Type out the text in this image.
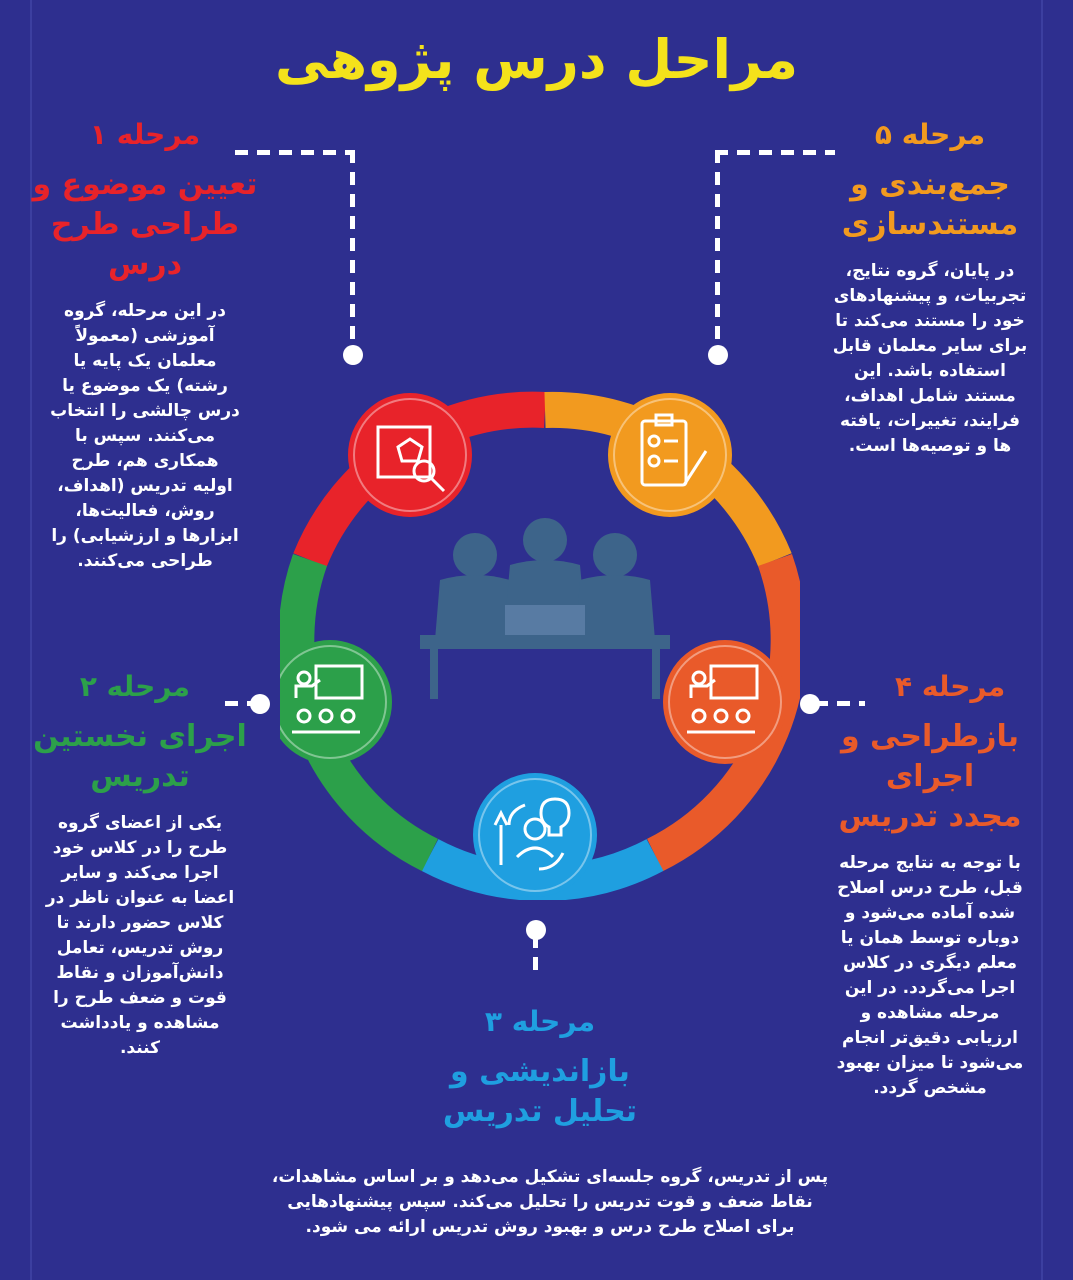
مراحل درس پژوهی
مرحله ۱
تعیین موضوع و
طراحی طرح درس
در این مرحله، گروه آموزشی (معمولاً معلمان یک پایه یا رشته) یک موضوع یا درس چالشی را انتخاب می‌کنند. سپس با همکاری هم، طرح اولیه تدریس (اهداف، روش، فعالیت‌ها، ابزارها و ارزشیابی) را طراحی می‌کنند.
مرحله ۵
جمع‌بندی و
مستندسازی
در پایان، گروه نتایج، تجربیات، و پیشنهادهای خود را مستند می‌کند تا برای سایر معلمان قابل استفاده باشد. این مستند شامل اهداف، فرایند، تغییرات، یافته ها و توصیه‌ها است.
مرحله ۲
اجرای نخستین
تدریس
یکی از اعضای گروه طرح را در کلاس خود اجرا می‌کند و سایر اعضا به عنوان ناظر در کلاس حضور دارند تا روش تدریس، تعامل دانش‌آموزان و نقاط قوت و ضعف طرح را مشاهده و یادداشت کنند.
مرحله ۴
بازطراحی و اجرای
مجدد تدریس
با توجه به نتایج مرحله قبل، طرح درس اصلاح شده آماده می‌شود و دوباره توسط همان یا معلم دیگری در کلاس اجرا می‌گردد. در این مرحله مشاهده و ارزیابی دقیق‌تر انجام می‌شود تا میزان بهبود مشخص گردد.
مرحله ۳
بازاندیشی و
تحلیل تدریس
پس از تدریس، گروه جلسه‌ای تشکیل می‌دهد و بر اساس مشاهدات، نقاط ضعف و قوت تدریس را تحلیل می‌کند. سپس پیشنهادهایی برای اصلاح طرح درس و بهبود روش تدریس ارائه می شود.
